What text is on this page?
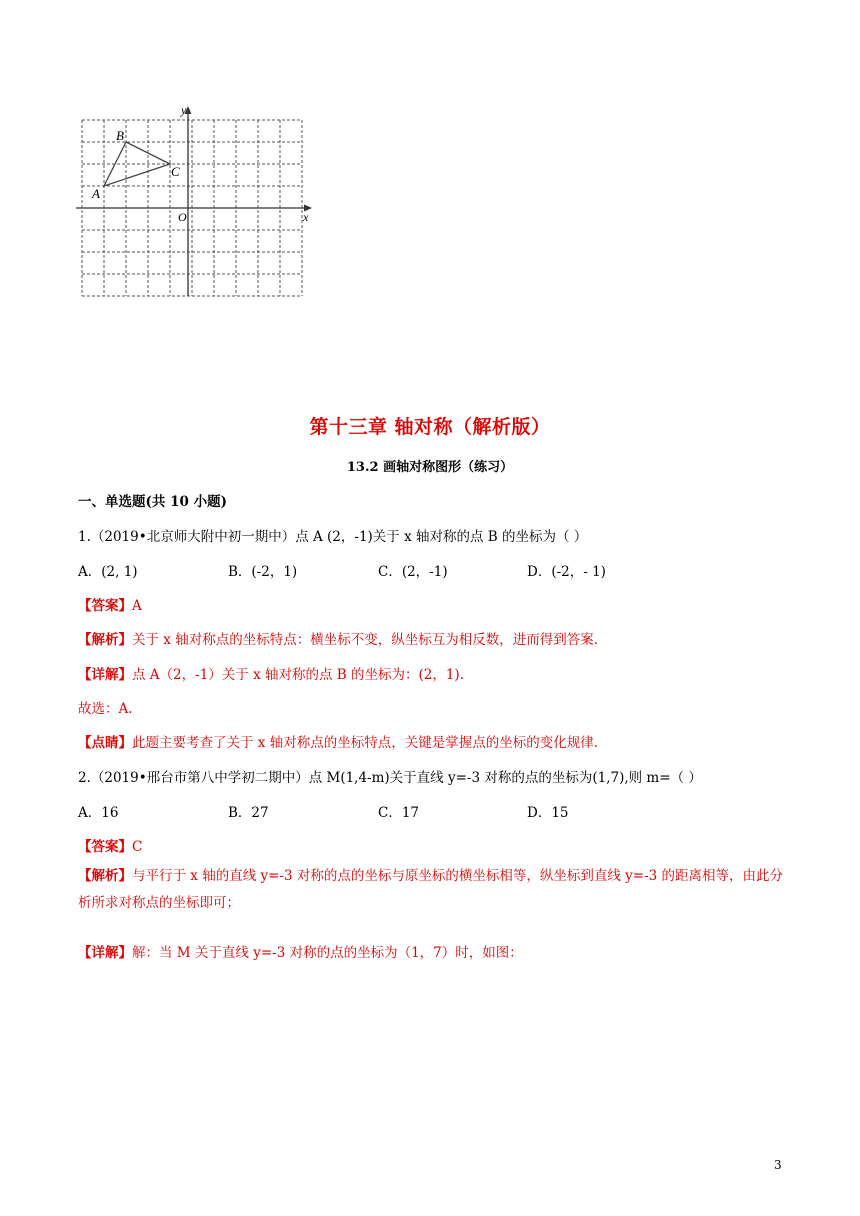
A
B
C
O	x
y
第十三章 轴对称（解析版）
13.2 画轴对称图形（练习）
一、单选题(共 10 小题)
1.（2019•北京师大附中初一期中）点 A (2，-1)关于 x 轴对称的点 B 的坐标为（ ）
A．(2, 1)	B．(-2，1)	C．(2，-1)	D．(-2，- 1)
【答案】A
【解析】关于 x 轴对称点的坐标特点：横坐标不变，纵坐标互为相反数，进而得到答案.
【详解】点 A（2，-1）关于 x 轴对称的点 B 的坐标为：(2，1).
故选：A.
【点睛】此题主要考查了关于 x 轴对称点的坐标特点，关键是掌握点的坐标的变化规律.
2.（2019•邢台市第八中学初二期中）点 M(1,4-m)关于直线 y=-3 对称的点的坐标为(1,7),则 m=（ ）
A．16	B．27	C．17	D．15
【答案】C
【解析】与平行于 x 轴的直线 y=-3 对称的点的坐标与原坐标的横坐标相等，纵坐标到直线 y=-3 的距离相等，由此分析所求对称点的坐标即可；
【详解】解：当 M 关于直线 y=-3 对称的点的坐标为（1，7）时，如图：
3
